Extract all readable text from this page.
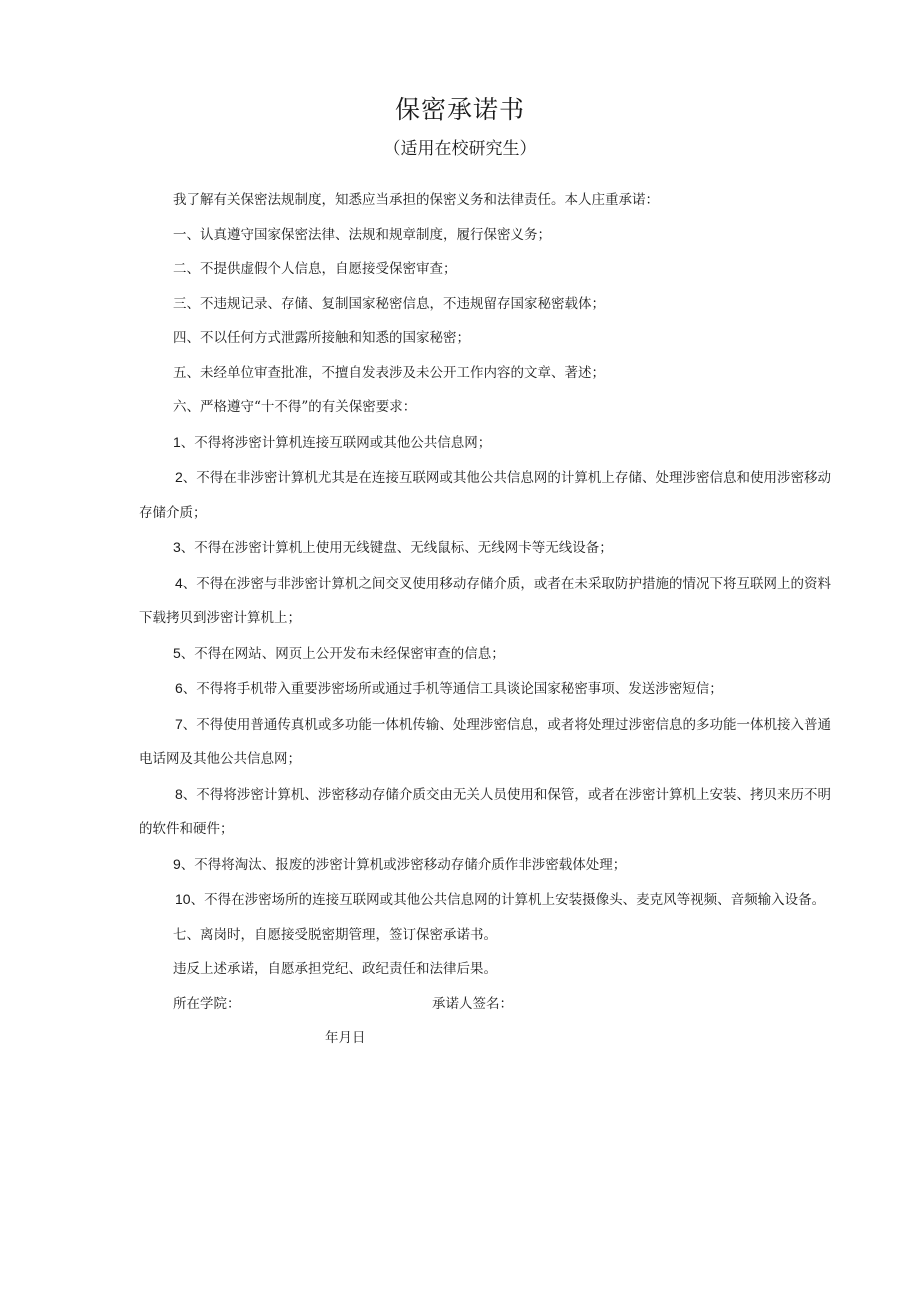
保密承诺书
（适用在校研究生）

我了解有关保密法规制度，知悉应当承担的保密义务和法律责任。本人庄重承诺：

一、认真遵守国家保密法律、法规和规章制度，履行保密义务；

二、不提供虚假个人信息，自愿接受保密审查；

三、不违规记录、存储、复制国家秘密信息，不违规留存国家秘密载体；

四、不以任何方式泄露所接触和知悉的国家秘密；

五、未经单位审查批准，不擅自发表涉及未公开工作内容的文章、著述；

六、严格遵守“十不得”的有关保密要求：

1、不得将涉密计算机连接互联网或其他公共信息网；

2、不得在非涉密计算机尤其是在连接互联网或其他公共信息网的计算机上存储、处理涉密信息和使用涉密移动存储介质；

3、不得在涉密计算机上使用无线键盘、无线鼠标、无线网卡等无线设备；

4、不得在涉密与非涉密计算机之间交叉使用移动存储介质，或者在未采取防护措施的情况下将互联网上的资料下载拷贝到涉密计算机上；

5、不得在网站、网页上公开发布未经保密审查的信息；

6、不得将手机带入重要涉密场所或通过手机等通信工具谈论国家秘密事项、发送涉密短信；

7、不得使用普通传真机或多功能一体机传输、处理涉密信息，或者将处理过涉密信息的多功能一体机接入普通电话网及其他公共信息网；

8、不得将涉密计算机、涉密移动存储介质交由无关人员使用和保管，或者在涉密计算机上安装、拷贝来历不明的软件和硬件；

9、不得将淘汰、报废的涉密计算机或涉密移动存储介质作非涉密载体处理；

10、不得在涉密场所的连接互联网或其他公共信息网的计算机上安装摄像头、麦克风等视频、音频输入设备。

七、离岗时，自愿接受脱密期管理，签订保密承诺书。

违反上述承诺，自愿承担党纪、政纪责任和法律后果。

所在学院：	承诺人签名：
年月日
